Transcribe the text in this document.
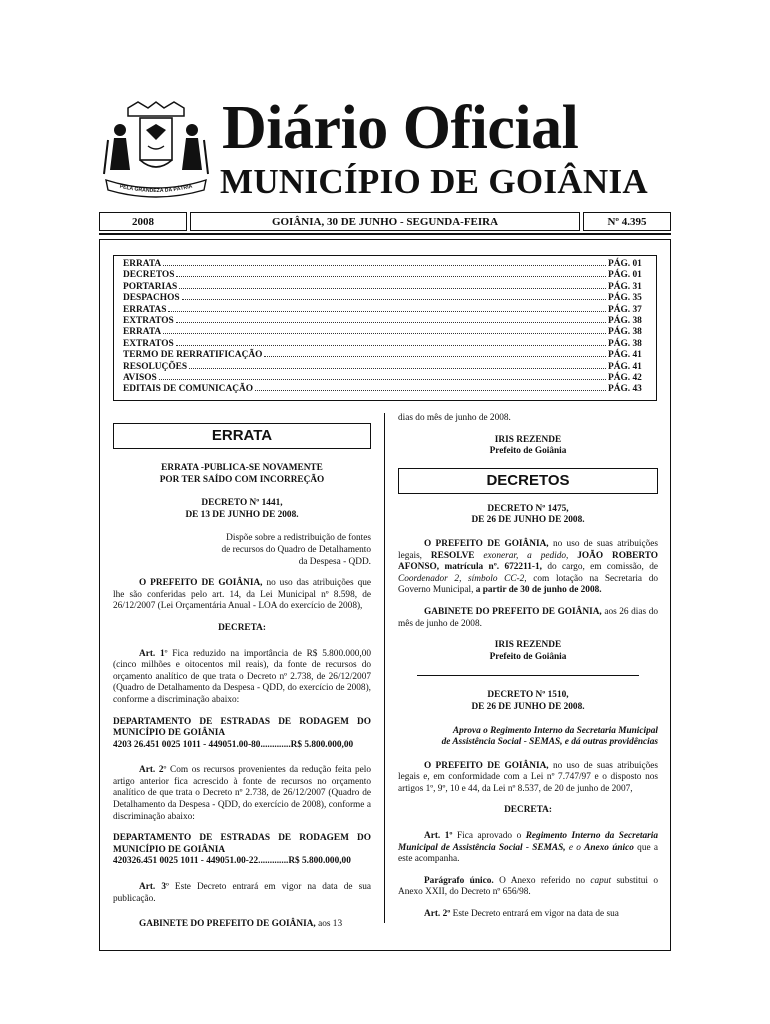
PELA GRANDEZA DA PÁTRIA
Diário Oficial
MUNICÍPIO DE GOIÂNIA
2008	GOIÂNIA, 30 DE JUNHO - SEGUNDA-FEIRA	Nº 4.395
ERRATA	PÁG. 01
DECRETOS	PÁG. 01
PORTARIAS	PÁG. 31
DESPACHOS	PÁG. 35
ERRATAS	PÁG. 37
EXTRATOS	PÁG. 38
ERRATA	PÁG. 38
EXTRATOS	PÁG. 38
TERMO DE RERRATIFICAÇÃO	PÁG. 41
RESOLUÇÕES	PÁG. 41
AVISOS	PÁG. 42
EDITAIS DE COMUNICAÇÃO	PÁG. 43
ERRATA
ERRATA -PUBLICA-SE NOVAMENTE
POR TER SAÍDO COM INCORREÇÃO
DECRETO Nº 1441,
DE 13 DE JUNHO DE 2008.
Dispõe sobre a redistribuição de fontes
de recursos do Quadro de Detalhamento
da Despesa - QDD.

O PREFEITO DE GOIÂNIA, no uso das atribuições que lhe são conferidas pelo art. 14, da Lei Municipal nº 8.598, de 26/12/2007 (Lei Orçamentária Anual - LOA do exercício de 2008),

DECRETA:

Art. 1º Fica reduzido na importância de R$ 5.800.000,00 (cinco milhões e oitocentos mil reais), da fonte de recursos do orçamento analítico de que trata o Decreto nº 2.738, de 26/12/2007 (Quadro de Detalhamento da Despesa - QDD, do exercício de 2008), conforme a discriminação abaixo:

DEPARTAMENTO DE ESTRADAS DE RODAGEM DO MUNICÍPIO DE GOIÂNIA

4203 26.451 0025 1011 - 449051.00-80.............R$ 5.800.000,00

Art. 2º Com os recursos provenientes da redução feita pelo artigo anterior fica acrescido à fonte de recursos no orçamento analítico de que trata o Decreto nº 2.738, de 26/12/2007 (Quadro de Detalhamento da Despesa - QDD, do exercício de 2008), conforme a discriminação abaixo:

DEPARTAMENTO DE ESTRADAS DE RODAGEM DO MUNICÍPIO DE GOIÂNIA

420326.451 0025 1011 - 449051.00-22.............R$ 5.800.000,00

Art. 3º Este Decreto entrará em vigor na data de sua publicação.

GABINETE DO PREFEITO DE GOIÂNIA, aos 13

dias do mês de junho de 2008.

IRIS REZENDE
Prefeito de Goiânia
DECRETOS
DECRETO Nº 1475,
DE 26 DE JUNHO DE 2008.

O PREFEITO DE GOIÂNIA, no uso de suas atribuições legais, RESOLVE exonerar, a pedido, JOÃO ROBERTO AFONSO, matrícula nº. 672211-1, do cargo, em comissão, de Coordenador 2, símbolo CC-2, com lotação na Secretaria do Governo Municipal, a partir de 30 de junho de 2008.

GABINETE DO PREFEITO DE GOIÂNIA, aos 26 dias do mês de junho de 2008.

IRIS REZENDE
Prefeito de Goiânia
DECRETO Nº 1510,
DE 26 DE JUNHO DE 2008.
Aprova o Regimento Interno da Secretaria Municipal
de Assistência Social - SEMAS, e dá outras providências

O PREFEITO DE GOIÂNIA, no uso de suas atribuições legais e, em conformidade com a Lei nº 7.747/97 e o disposto nos artigos 1º, 9º, 10 e 44, da Lei nº 8.537, de 20 de junho de 2007,

DECRETA:

Art. 1º Fica aprovado o Regimento Interno da Secretaria Municipal de Assistência Social - SEMAS, e o Anexo único que a este acompanha.

Parágrafo único. O Anexo referido no caput substitui o Anexo XXII, do Decreto nº 656/98.

Art. 2º Este Decreto entrará em vigor na data de sua
